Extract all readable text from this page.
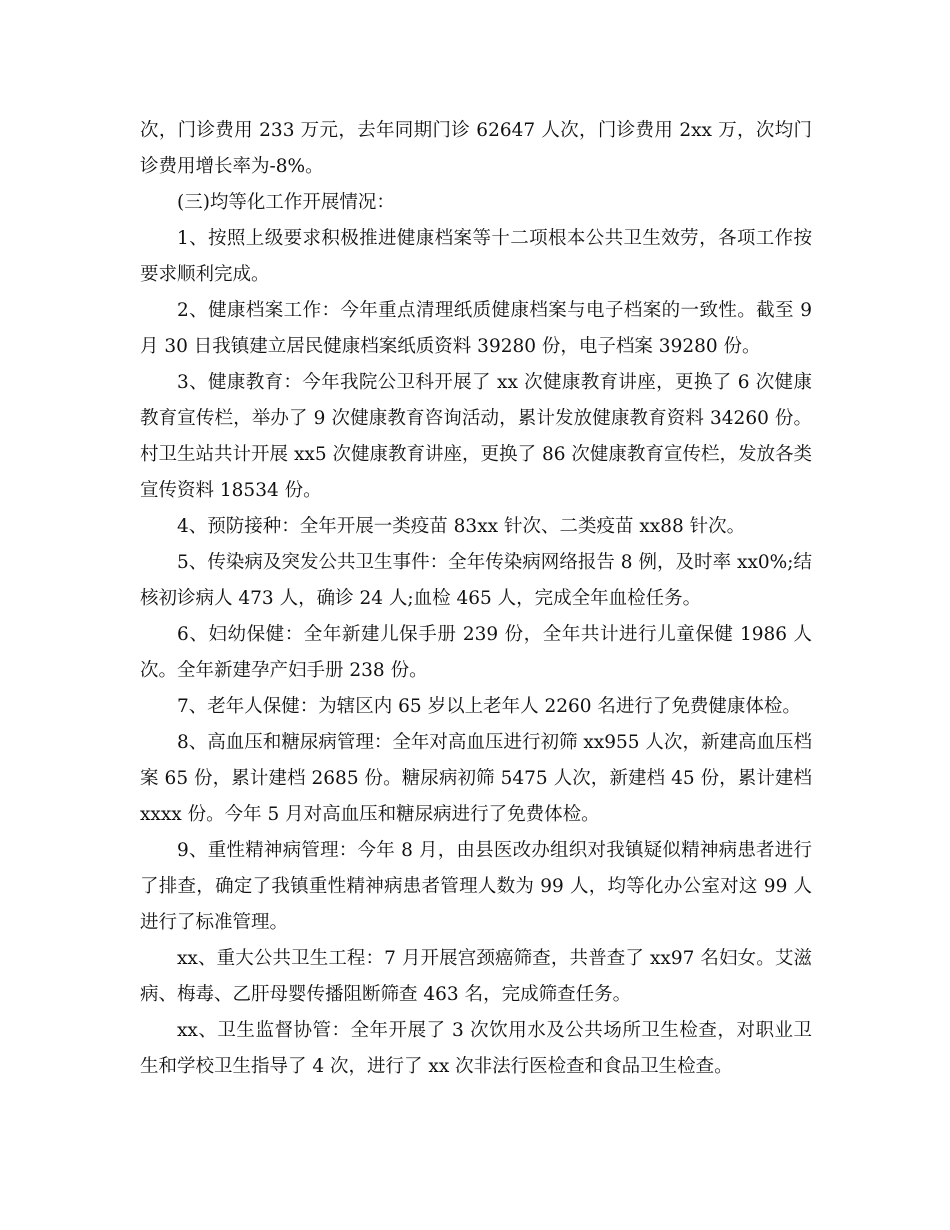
次，门诊费用 233 万元，去年同期门诊 62647 人次，门诊费用 2xx 万，次均门诊费用增长率为-8%。

(三)均等化工作开展情况：

1、按照上级要求积极推进健康档案等十二项根本公共卫生效劳，各项工作按要求顺利完成。

2、健康档案工作：今年重点清理纸质健康档案与电子档案的一致性。截至 9 月 30 日我镇建立居民健康档案纸质资料 39280 份，电子档案 39280 份。

3、健康教育：今年我院公卫科开展了 xx 次健康教育讲座，更换了 6 次健康教育宣传栏，举办了 9 次健康教育咨询活动，累计发放健康教育资料 34260 份。村卫生站共计开展 xx5 次健康教育讲座，更换了 86 次健康教育宣传栏，发放各类宣传资料 18534 份。

4、预防接种：全年开展一类疫苗 83xx 针次、二类疫苗 xx88 针次。

5、传染病及突发公共卫生事件：全年传染病网络报告 8 例，及时率 xx0%;结核初诊病人 473 人，确诊 24 人;血检 465 人，完成全年血检任务。

6、妇幼保健：全年新建儿保手册 239 份，全年共计进行儿童保健 1986 人次。全年新建孕产妇手册 238 份。

7、老年人保健：为辖区内 65 岁以上老年人 2260 名进行了免费健康体检。

8、高血压和糖尿病管理：全年对高血压进行初筛 xx955 人次，新建高血压档案 65 份，累计建档 2685 份。糖尿病初筛 5475 人次，新建档 45 份，累计建档 xxxx 份。今年 5 月对高血压和糖尿病进行了免费体检。

9、重性精神病管理：今年 8 月，由县医改办组织对我镇疑似精神病患者进行了排查，确定了我镇重性精神病患者管理人数为 99 人，均等化办公室对这 99 人进行了标准管理。

xx、重大公共卫生工程：7 月开展宫颈癌筛查，共普查了 xx97 名妇女。艾滋病、梅毒、乙肝母婴传播阻断筛查 463 名，完成筛查任务。

xx、卫生监督协管：全年开展了 3 次饮用水及公共场所卫生检查，对职业卫生和学校卫生指导了 4 次，进行了 xx 次非法行医检查和食品卫生检查。
